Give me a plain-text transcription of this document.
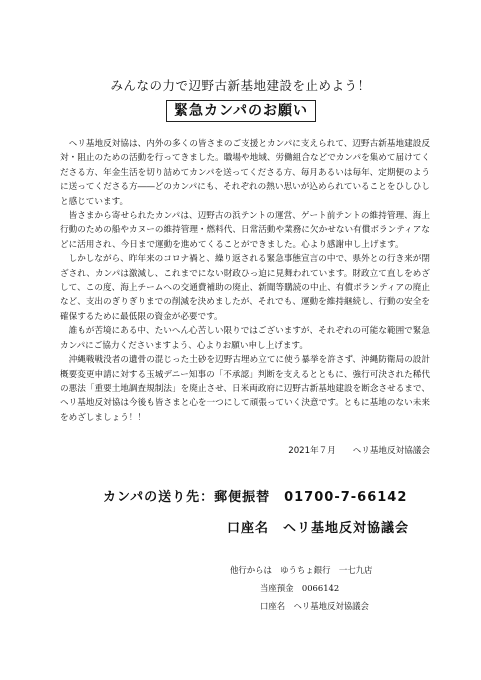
みんなの力で辺野古新基地建設を止めよう！
緊急カンパのお願い

ヘリ基地反対協は、内外の多くの皆さまのご支援とカンパに支えられて、辺野古新基地建設反対・阻止のための活動を行ってきました。職場や地域、労働組合などでカンパを集めて届けてくださる方、年金生活を切り詰めてカンパを送ってくださる方、毎月あるいは毎年、定期便のように送ってくださる方――どのカンパにも、それぞれの熱い思いが込められていることをひしひしと感じています。

皆さまから寄せられたカンパは、辺野古の浜テントの運営、ゲート前テントの維持管理、海上行動のための船やカヌーの維持管理・燃料代、日常活動や業務に欠かせない有償ボランティアなどに活用され、今日まで運動を進めてくることができました。心より感謝申し上げます。

しかしながら、昨年来のコロナ禍と、繰り返される緊急事態宣言の中で、県外との行き来が閉ざされ、カンパは激減し、これまでにない財政ひっ迫に見舞われています。財政立て直しをめざして、この度、海上チームへの交通費補助の廃止、新聞等購読の中止、有償ボランティアの廃止など、支出のぎりぎりまでの削減を決めましたが、それでも、運動を維持継続し、行動の安全を確保するために最低限の資金が必要です。

誰もが苦境にある中、たいへん心苦しい限りではございますが、それぞれの可能な範囲で緊急カンパにご協力くださいますよう、心よりお願い申し上げます。

沖縄戦戦没者の遺骨の混じった土砂を辺野古埋め立てに使う暴挙を許さず、沖縄防衛局の設計概要変更申請に対する玉城デニー知事の「不承認」判断を支えるとともに、強行可決された稀代の悪法「重要土地調査規制法」を廃止させ、日米両政府に辺野古新基地建設を断念させるまで、ヘリ基地反対協は今後も皆さまと心を一つにして頑張っていく決意です。ともに基地のない未来をめざしましょう！！

2021年７月 ヘリ基地反対協議会
カンパの送り先：郵便振替　01700-7-66142
口座名　ヘリ基地反対協議会
他行からは　ゆうちょ銀行　一七九店
当座預金　0066142
口座名　ヘリ基地反対協議会
